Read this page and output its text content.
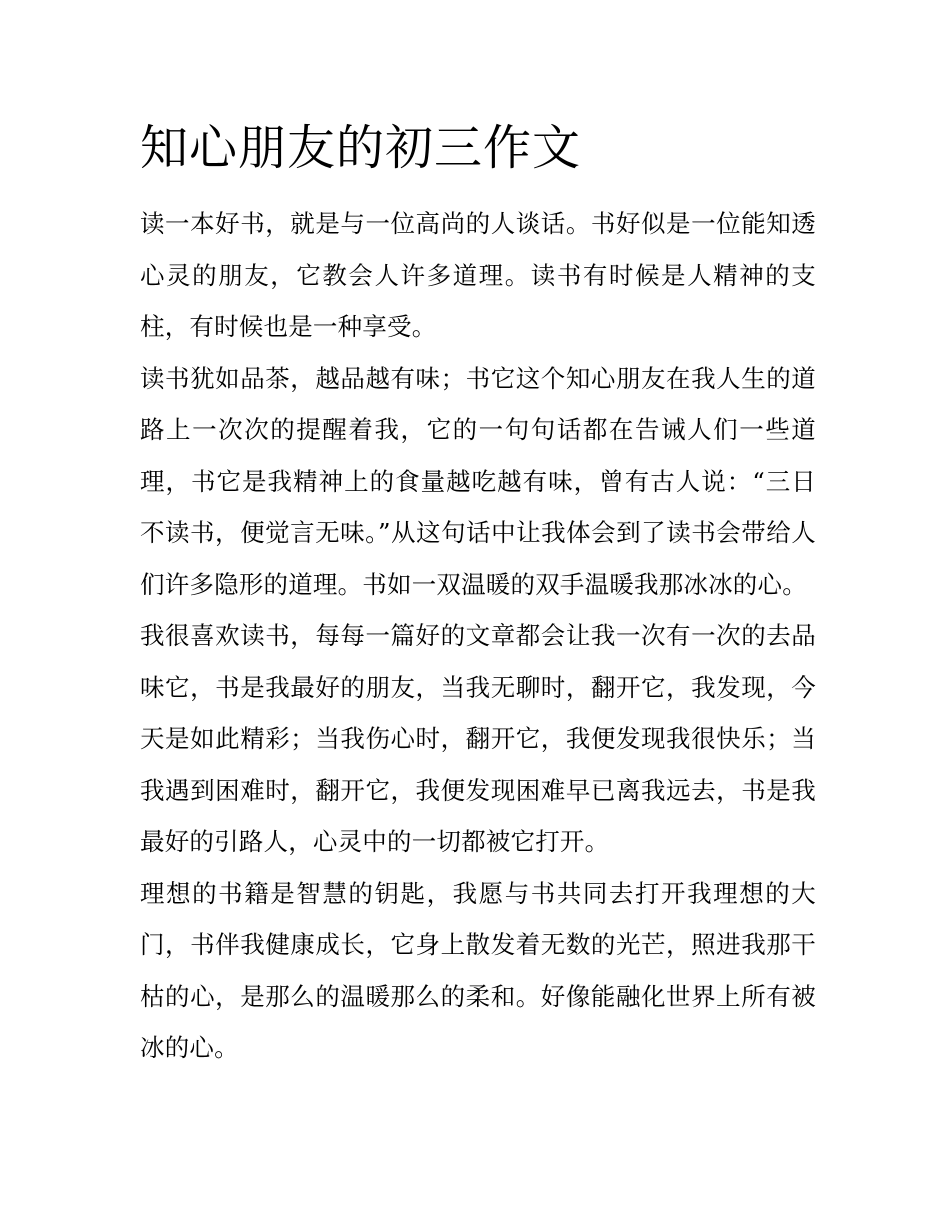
知心朋友的初三作文

读一本好书，就是与一位高尚的人谈话。书好似是一位能知透心灵的朋友，它教会人许多道理。读书有时候是人精神的支柱，有时候也是一种享受。

读书犹如品茶，越品越有味；书它这个知心朋友在我人生的道路上一次次的提醒着我，它的一句句话都在告诫人们一些道理，书它是我精神上的食量越吃越有味，曾有古人说：“三日不读书，便觉言无味。”从这句话中让我体会到了读书会带给人们许多隐形的道理。书如一双温暖的双手温暖我那冰冰的心。

我很喜欢读书，每每一篇好的文章都会让我一次有一次的去品味它，书是我最好的朋友，当我无聊时，翻开它，我发现，今天是如此精彩；当我伤心时，翻开它，我便发现我很快乐；当我遇到困难时，翻开它，我便发现困难早已离我远去，书是我最好的引路人，心灵中的一切都被它打开。

理想的书籍是智慧的钥匙，我愿与书共同去打开我理想的大门，书伴我健康成长，它身上散发着无数的光芒，照进我那干枯的心，是那么的温暖那么的柔和。好像能融化世界上所有被冰的心。
